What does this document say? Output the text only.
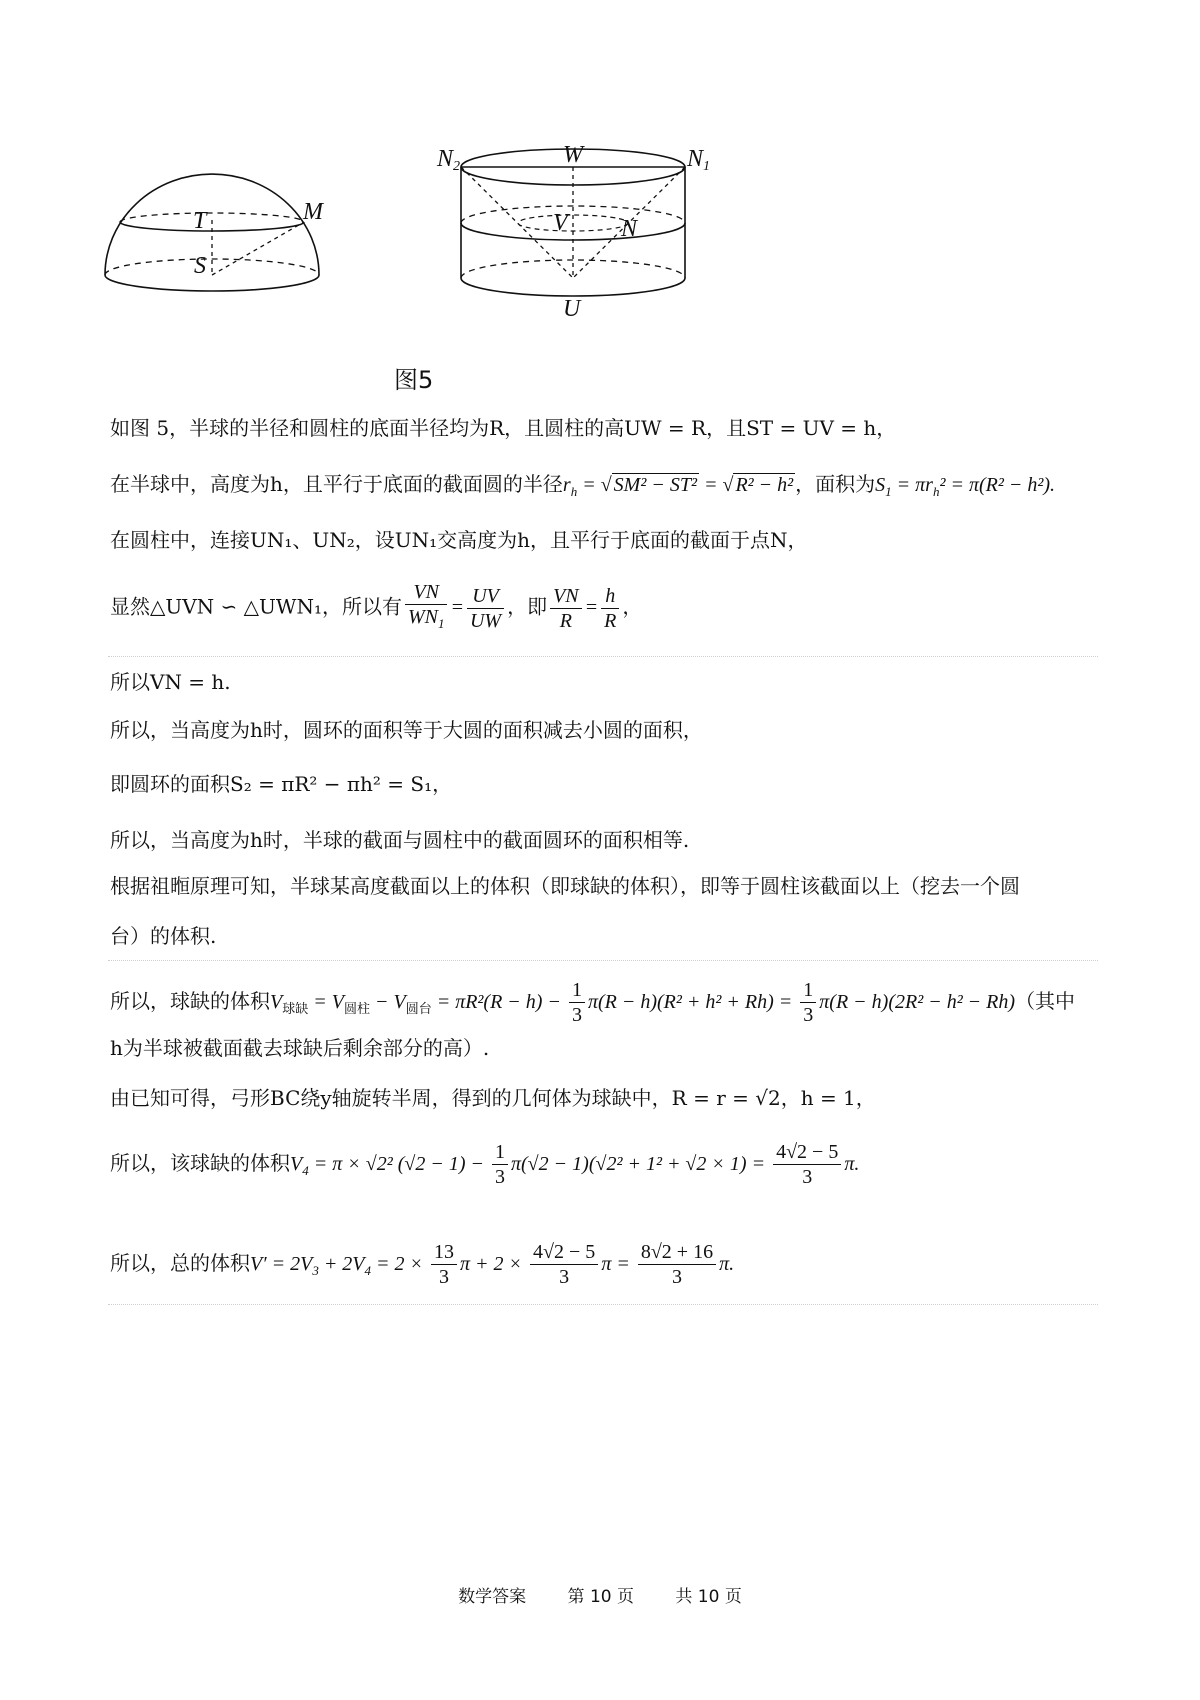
T	M
S
N2	W	N1
V N
U
图5
如图 5，半球的半径和圆柱的底面半径均为R，且圆柱的高UW = R，且ST = UV = h，
在半球中，高度为h，且平行于底面的截面圆的半径$r_h$ = √ SM² − ST² = √ R² − h² ，面积为$S_1 = \pi r_h^2 = \pi(R^2 - h^2)$.
在圆柱中，连接UN₁、UN₂，设UN₁交高度为h，且平行于底面的截面于点N，
显然△UVN ∽ △UWN₁，所以有 $\frac{VN}{WN_1} = \frac{UV}{UW}$ ，即 $\frac{VN}{R} = \frac{h}{R}$ ，
所以VN = h.
所以，当高度为h时，圆环的面积等于大圆的面积减去小圆的面积，
即圆环的面积S₂ = πR² − πh² = S₁，
所以，当高度为h时，半球的截面与圆柱中的截面圆环的面积相等.
根据祖暅原理可知，半球某高度截面以上的体积（即球缺的体积），即等于圆柱该截面以上（挖去一个圆
台）的体积.
所以，球缺的体积$V_{球缺} = V_{圆柱} - V_{圆台} = \pi R^2(R - h) - \frac{1}{3} \pi(R - h)(R^2 + h^2 + Rh) = \frac{1}{3} \pi(R - h)(2R^2 - h^2 - Rh)$（其中
h为半球被截面截去球缺后剩余部分的高）.
由已知可得，弓形BC绕y轴旋转半周，得到的几何体为球缺中，R = r = √2，h = 1，
所以，该球缺的体积$V_4 = \pi \times √2^2$ $(√2 - 1) - \frac{1}{3} \pi(√2 - 1)(√2^2 + 1^2 + √2 \times 1) = \frac{4√2 - 5}{3} \pi$.
所以，总的体积$V' = 2V_3 + 2V_4 = 2 \times \frac{13}{3}$ $\pi + 2 \times \frac{4√2 - 5}{3}$ $\pi = \frac{8√2 + 16}{3} \pi$.
数学答案 第 10 页 共 10 页
